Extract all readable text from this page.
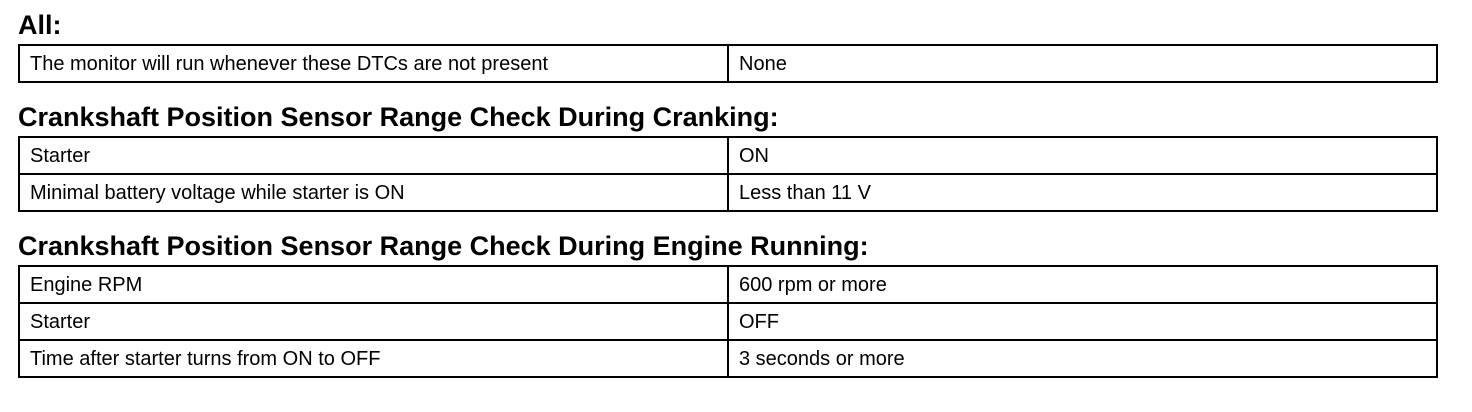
All:
The monitor will run whenever these DTCs are not present	None
Crankshaft Position Sensor Range Check During Cranking:
Starter	ON
Minimal battery voltage while starter is ON	Less than 11 V
Crankshaft Position Sensor Range Check During Engine Running:
Engine RPM	600 rpm or more
Starter	OFF
Time after starter turns from ON to OFF	3 seconds or more
